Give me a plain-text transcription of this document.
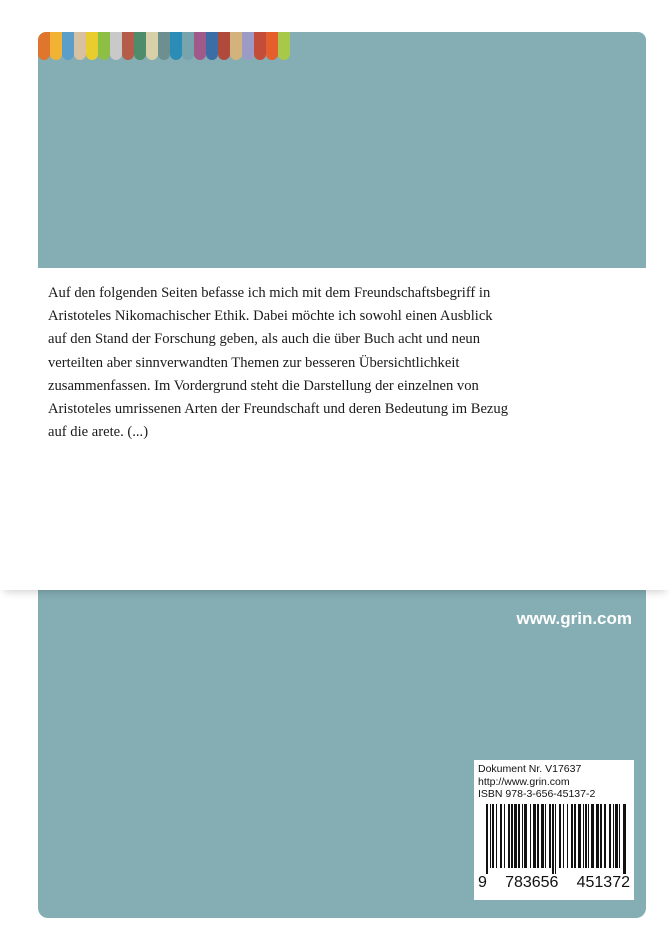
Auf den folgenden Seiten befasse ich mich mit dem Freundschaftsbegriff in
Aristoteles Nikomachischer Ethik. Dabei möchte ich sowohl einen Ausblick
auf den Stand der Forschung geben, als auch die über Buch acht und neun
verteilten aber sinnverwandten Themen zur besseren Übersichtlichkeit
zusammenfassen. Im Vordergrund steht die Darstellung der einzelnen von
Aristoteles umrissenen Arten der Freundschaft und deren Bedeutung im Bezug
auf die arete. (...)

www.grin.com
Dokument Nr. V17637
http://www.grin.com
ISBN 978-3-656-45137-2
9 783656 451372
